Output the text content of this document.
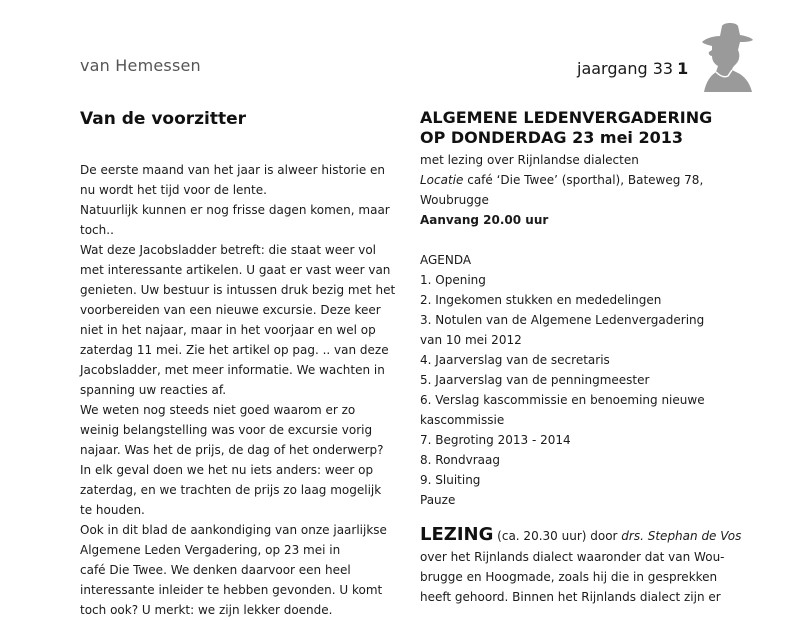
van Hemessen	jaargang 33 1
Van de voorzitter
De eerste maand van het jaar is alweer historie en
nu wordt het tijd voor de lente.
Natuurlijk kunnen er nog frisse dagen komen, maar
toch..
Wat deze Jacobsladder betreft: die staat weer vol
met interessante artikelen. U gaat er vast weer van
genieten. Uw bestuur is intussen druk bezig met het
voorbereiden van een nieuwe excursie. Deze keer
niet in het najaar, maar in het voorjaar en wel op
zaterdag 11 mei. Zie het artikel op pag. .. van deze
Jacobsladder, met meer informatie. We wachten in
spanning uw reacties af.
We weten nog steeds niet goed waarom er zo
weinig belangstelling was voor de excursie vorig
najaar. Was het de prijs, de dag of het onderwerp?
In elk geval doen we het nu iets anders: weer op
zaterdag, en we trachten de prijs zo laag mogelijk
te houden.
Ook in dit blad de aankondiging van onze jaarlijkse
Algemene Leden Vergadering, op 23 mei in
café Die Twee. We denken daarvoor een heel
interessante inleider te hebben gevonden. U komt
toch ook? U merkt: we zijn lekker doende.
ALGEMENE LEDENVERGADERING
OP DONDERDAG 23 mei 2013
met lezing over Rijnlandse dialecten
Locatie café ‘Die Twee’ (sporthal), Bateweg 78,
Woubrugge
Aanvang 20.00 uur
AGENDA
1. Opening
2. Ingekomen stukken en mededelingen
3. Notulen van de Algemene Ledenvergadering
van 10 mei 2012
4. Jaarverslag van de secretaris
5. Jaarverslag van de penningmeester
6. Verslag kascommissie en benoeming nieuwe
kascommissie
7. Begroting 2013 - 2014
8. Rondvraag
9. Sluiting
Pauze
LEZING (ca. 20.30 uur) door drs. Stephan de Vos
over het Rijnlands dialect waaronder dat van Wou-
brugge en Hoogmade, zoals hij die in gesprekken
heeft gehoord. Binnen het Rijnlands dialect zijn er
